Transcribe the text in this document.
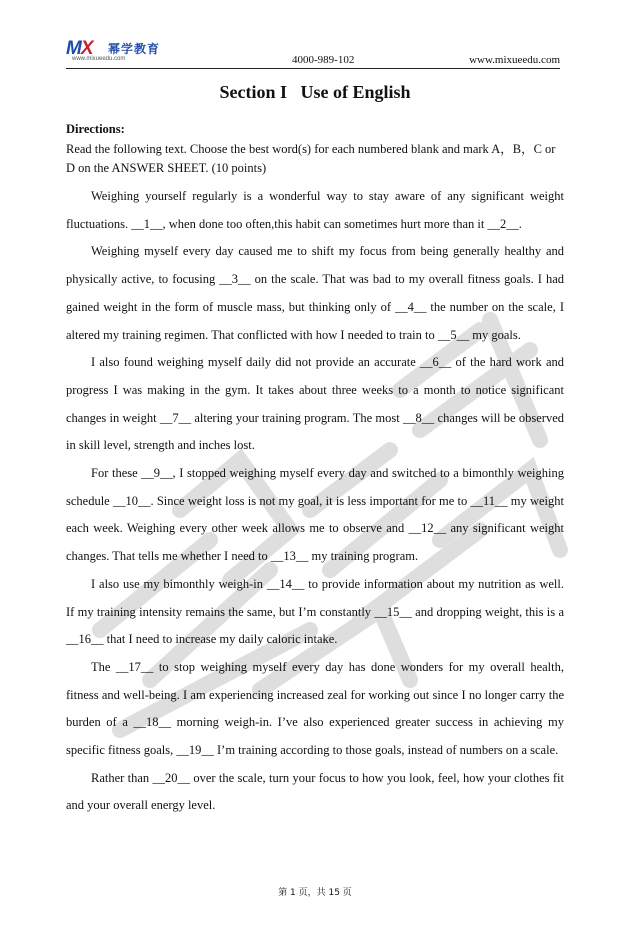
MX 幂学教育
www.mixueedu.com	4000-989-102	www.mixueedu.com
Section I   Use of English
Directions:
Read the following text. Choose the best word(s) for each numbered blank and mark A，B，C or D on the ANSWER SHEET. (10 points)

Weighing yourself regularly is a wonderful way to stay aware of any significant weight fluctuations. __1__, when done too often,this habit can sometimes hurt more than it __2__.

Weighing myself every day caused me to shift my focus from being generally healthy and physically active, to focusing __3__ on the scale. That was bad to my overall fitness goals. I had gained weight in the form of muscle mass, but thinking only of __4__ the number on the scale, I altered my training regimen. That conflicted with how I needed to train to __5__ my goals.

I also found weighing myself daily did not provide an accurate __6__ of the hard work and progress I was making in the gym. It takes about three weeks to a month to notice significant changes in weight __7__ altering your training program. The most __8__ changes will be observed in skill level, strength and inches lost.

For these __9__, I stopped weighing myself every day and switched to a bimonthly weighing schedule __10__. Since weight loss is not my goal, it is less important for me to __11__ my weight each week. Weighing every other week allows me to observe and __12__ any significant weight changes. That tells me whether I need to __13__ my training program.

I also use my bimonthly weigh-in __14__ to provide information about my nutrition as well. If my training intensity remains the same, but I’m constantly __15__ and dropping weight, this is a __16__ that I need to increase my daily caloric intake.

The __17__ to stop weighing myself every day has done wonders for my overall health, fitness and well-being. I am experiencing increased zeal for working out since I no longer carry the burden of a __18__ morning weigh-in. I’ve also experienced greater success in achieving my specific fitness goals, __19__ I’m training according to those goals, instead of numbers on a scale.

Rather than __20__ over the scale, turn your focus to how you look, feel, how your clothes fit and your overall energy level.

第 1 页，共 15 页
